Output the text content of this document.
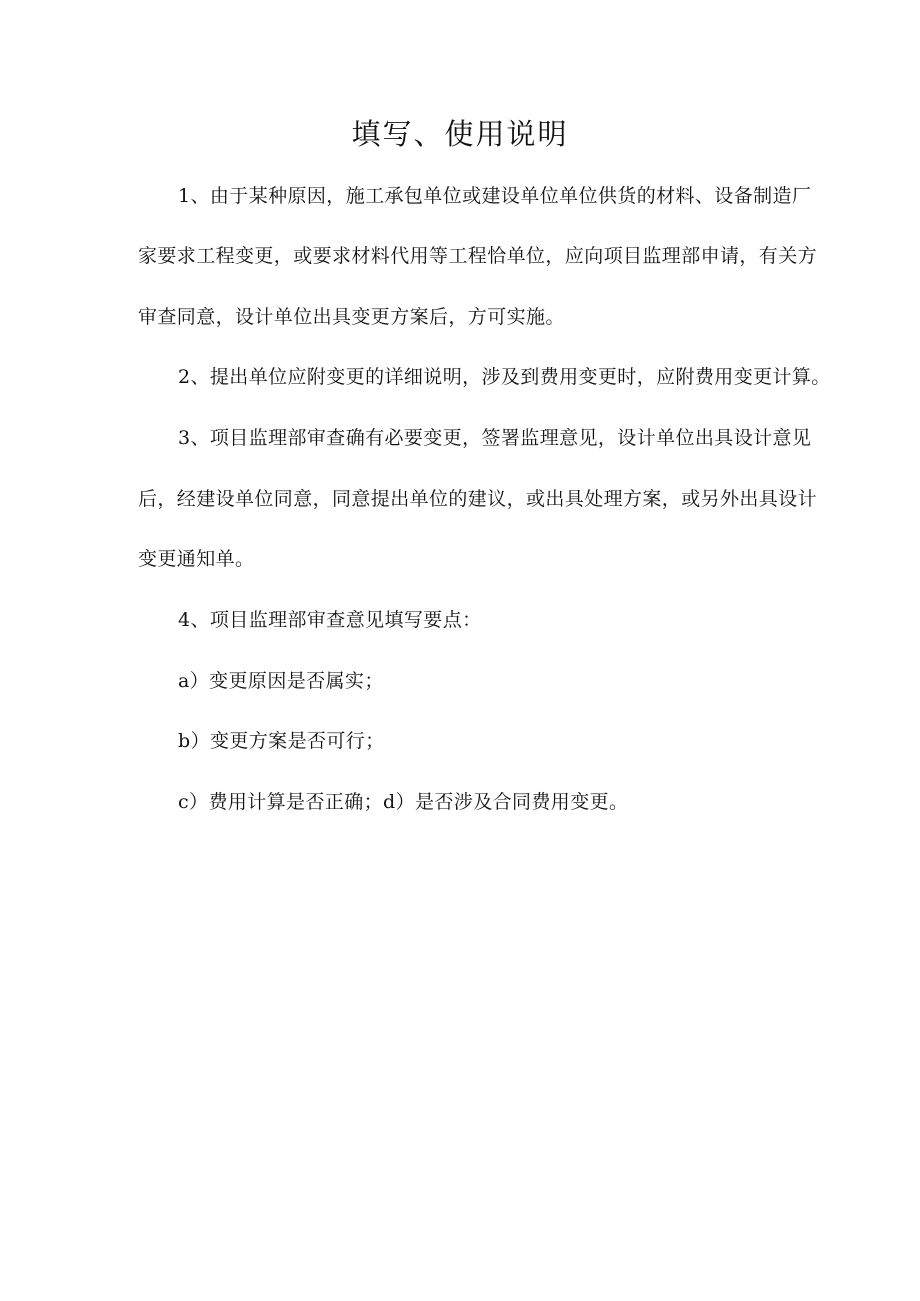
填写、使用说明
1、由于某种原因，施工承包单位或建设单位单位供货的材料、设备制造厂
家要求工程变更，或要求材料代用等工程恰单位，应向项目监理部申请，有关方
审查同意，设计单位出具变更方案后，方可实施。
2、提出单位应附变更的详细说明，涉及到费用变更时，应附费用变更计算。
3、项目监理部审查确有必要变更，签署监理意见，设计单位出具设计意见
后，经建设单位同意，同意提出单位的建议，或出具处理方案，或另外出具设计
变更通知单。
4、项目监理部审查意见填写要点：
a）变更原因是否属实；
b）变更方案是否可行；
c）费用计算是否正确；d）是否涉及合同费用变更。
